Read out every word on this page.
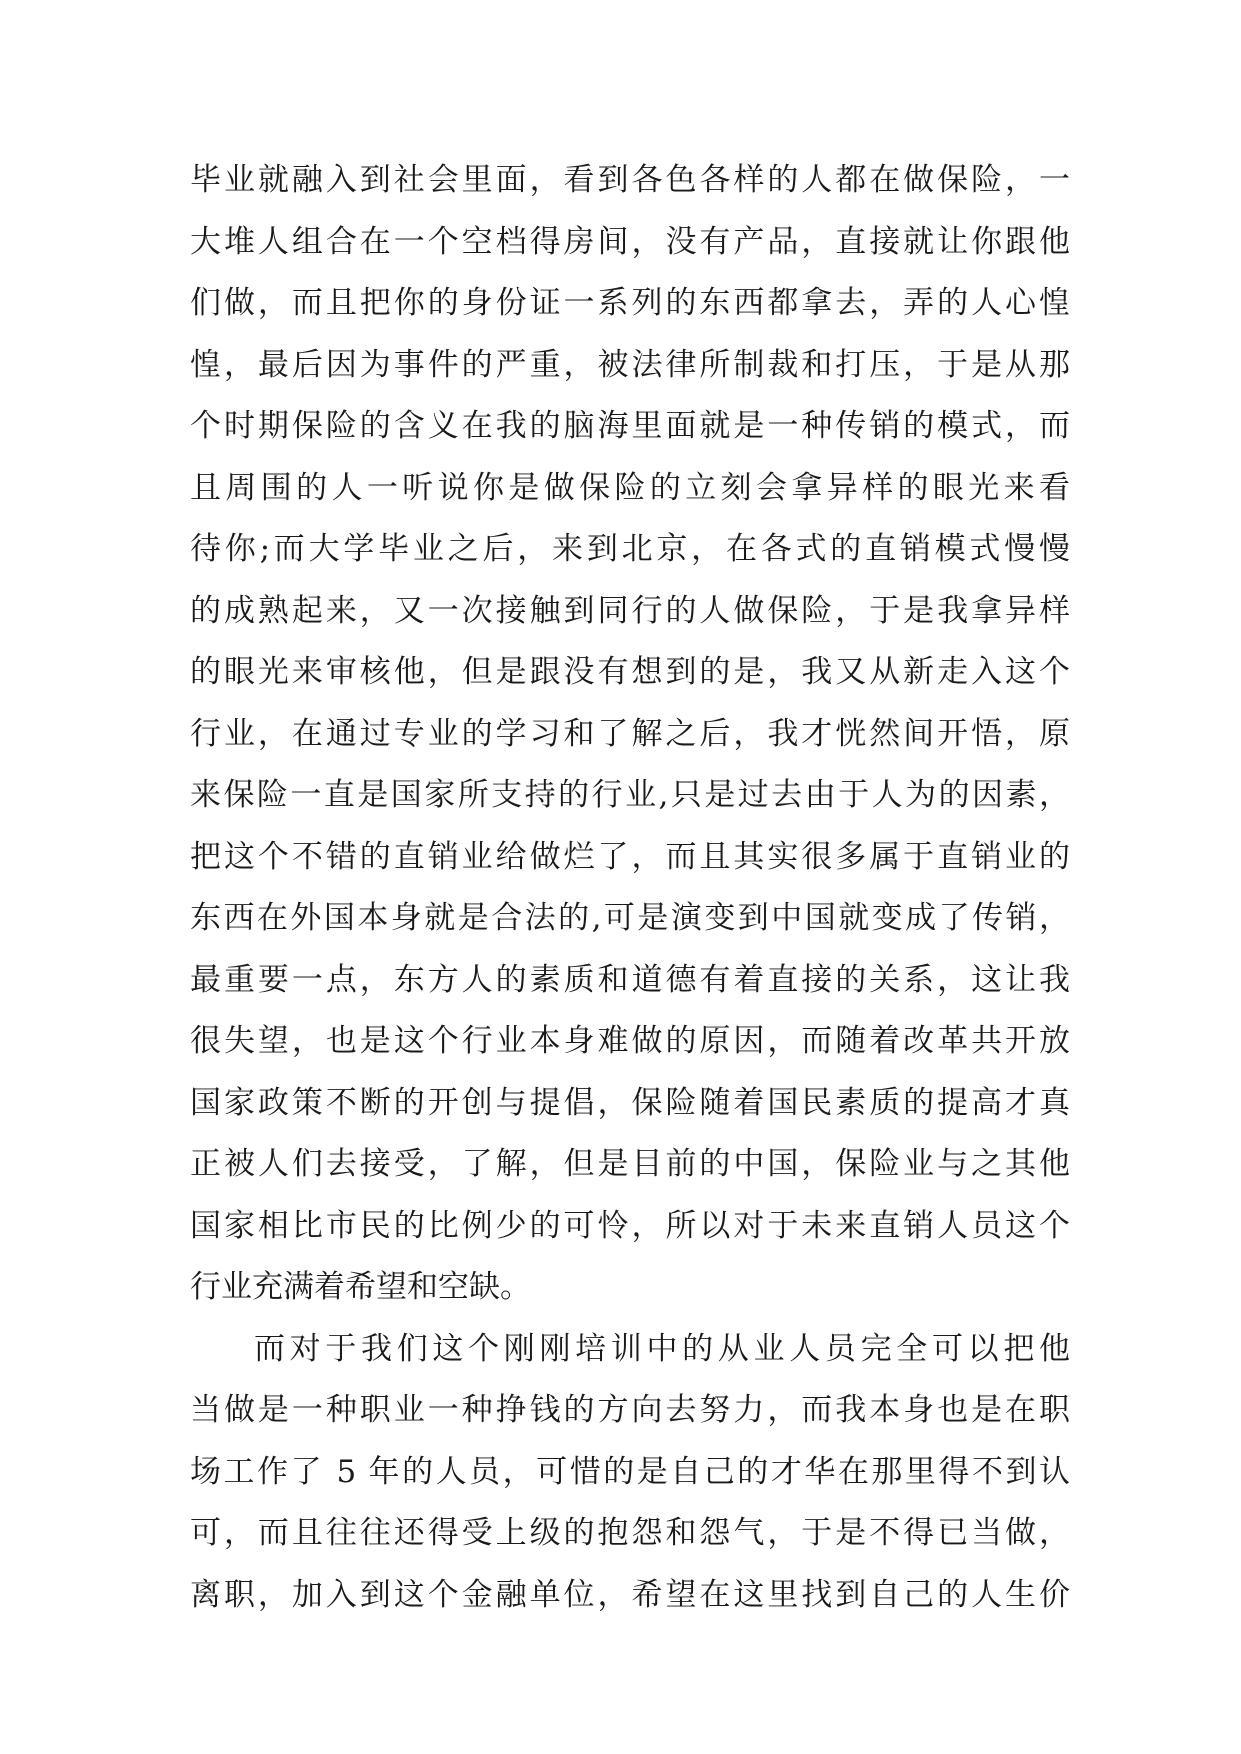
毕业就融入到社会里面，看到各色各样的人都在做保险，一
大堆人组合在一个空档得房间，没有产品，直接就让你跟他
们做，而且把你的身份证一系列的东西都拿去，弄的人心惶
惶，最后因为事件的严重，被法律所制裁和打压，于是从那
个时期保险的含义在我的脑海里面就是一种传销的模式，而
且周围的人一听说你是做保险的立刻会拿异样的眼光来看
待你;而大学毕业之后，来到北京，在各式的直销模式慢慢
的成熟起来，又一次接触到同行的人做保险，于是我拿异样
的眼光来审核他，但是跟没有想到的是，我又从新走入这个
行业，在通过专业的学习和了解之后，我才恍然间开悟，原
来保险一直是国家所支持的行业,只是过去由于人为的因素，
把这个不错的直销业给做烂了，而且其实很多属于直销业的
东西在外国本身就是合法的,可是演变到中国就变成了传销，
最重要一点，东方人的素质和道德有着直接的关系，这让我
很失望，也是这个行业本身难做的原因，而随着改革共开放
国家政策不断的开创与提倡，保险随着国民素质的提高才真
正被人们去接受，了解，但是目前的中国，保险业与之其他
国家相比市民的比例少的可怜，所以对于未来直销人员这个
行业充满着希望和空缺。
而对于我们这个刚刚培训中的从业人员完全可以把他
当做是一种职业一种挣钱的方向去努力，而我本身也是在职
场工作了 5 年的人员，可惜的是自己的才华在那里得不到认
可，而且往往还得受上级的抱怨和怨气，于是不得已当做，
离职，加入到这个金融单位，希望在这里找到自己的人生价
